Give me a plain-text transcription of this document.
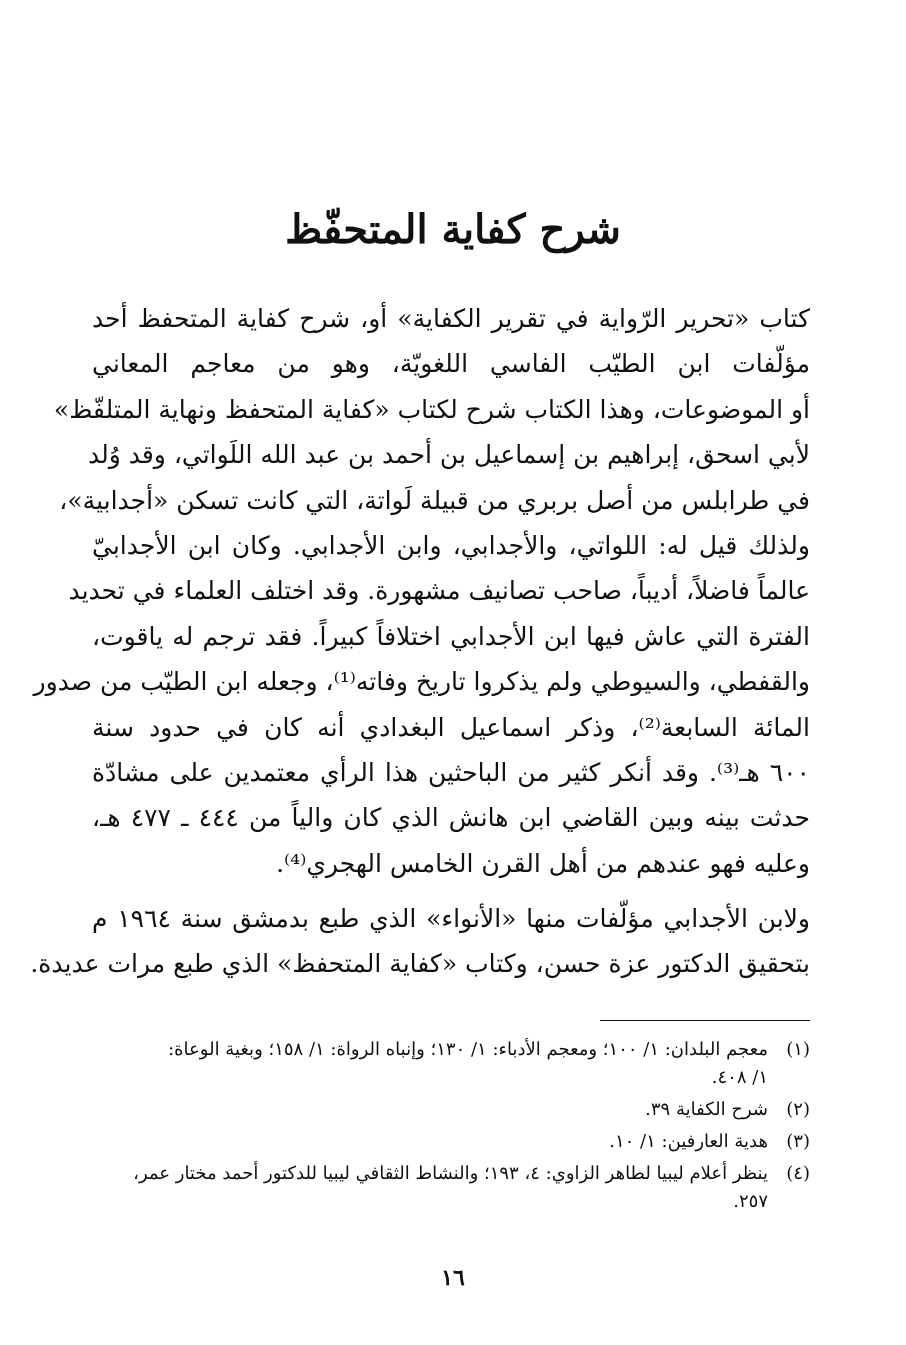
شرح كفاية المتحفّظ
كتاب «تحرير الرّواية في تقرير الكفاية» أو، شرح كفاية المتحفظ أحد
مؤلّفات ابن الطيّب الفاسي اللغويّة، وهو من معاجم المعاني
أو الموضوعات، وهذا الكتاب شرح لكتاب «كفاية المتحفظ ونهاية المتلفّظ»
لأبي اسحق، إبراهيم بن إسماعيل بن أحمد بن عبد الله اللَواتي، وقد وُلد
في طرابلس من أصل بربري من قبيلة لَواتة، التي كانت تسكن «أجدابية»،
ولذلك قيل له: اللواتي، والأجدابي، وابن الأجدابي. وكان ابن الأجدابيّ
عالماً فاضلاً، أديباً، صاحب تصانيف مشهورة. وقد اختلف العلماء في تحديد
الفترة التي عاش فيها ابن الأجدابي اختلافاً كبيراً. فقد ترجم له ياقوت،
والقفطي، والسيوطي ولم يذكروا تاريخ وفاته⁽¹⁾، وجعله ابن الطيّب من صدور
المائة السابعة⁽²⁾، وذكر اسماعيل البغدادي أنه كان في حدود سنة
٦٠٠ هـ⁽³⁾. وقد أنكر كثير من الباحثين هذا الرأي معتمدين على مشادّة
حدثت بينه وبين القاضي ابن هانش الذي كان والياً من ٤٤٤ ـ ٤٧٧ هـ،
وعليه فهو عندهم من أهل القرن الخامس الهجري⁽⁴⁾.
ولابن الأجدابي مؤلّفات منها «الأنواء» الذي طبع بدمشق سنة ١٩٦٤ م
بتحقيق الدكتور عزة حسن، وكتاب «كفاية المتحفظ» الذي طبع مرات عديدة.
(١)
معجم البلدان: ١/ ١٠٠؛ ومعجم الأدباء: ١/ ١٣٠؛ وإنباه الرواة: ١/ ١٥٨؛ وبغية الوعاة:
١/ ٤٠٨.
(٢)
شرح الكفاية ٣٩.
(٣)
هدية العارفين: ١/ ١٠.
(٤)
ينظر أعلام ليبيا لطاهر الزاوي: ٤، ١٩٣؛ والنشاط الثقافي ليبيا للدكتور أحمد مختار عمر،
٢٥٧.
١٦
